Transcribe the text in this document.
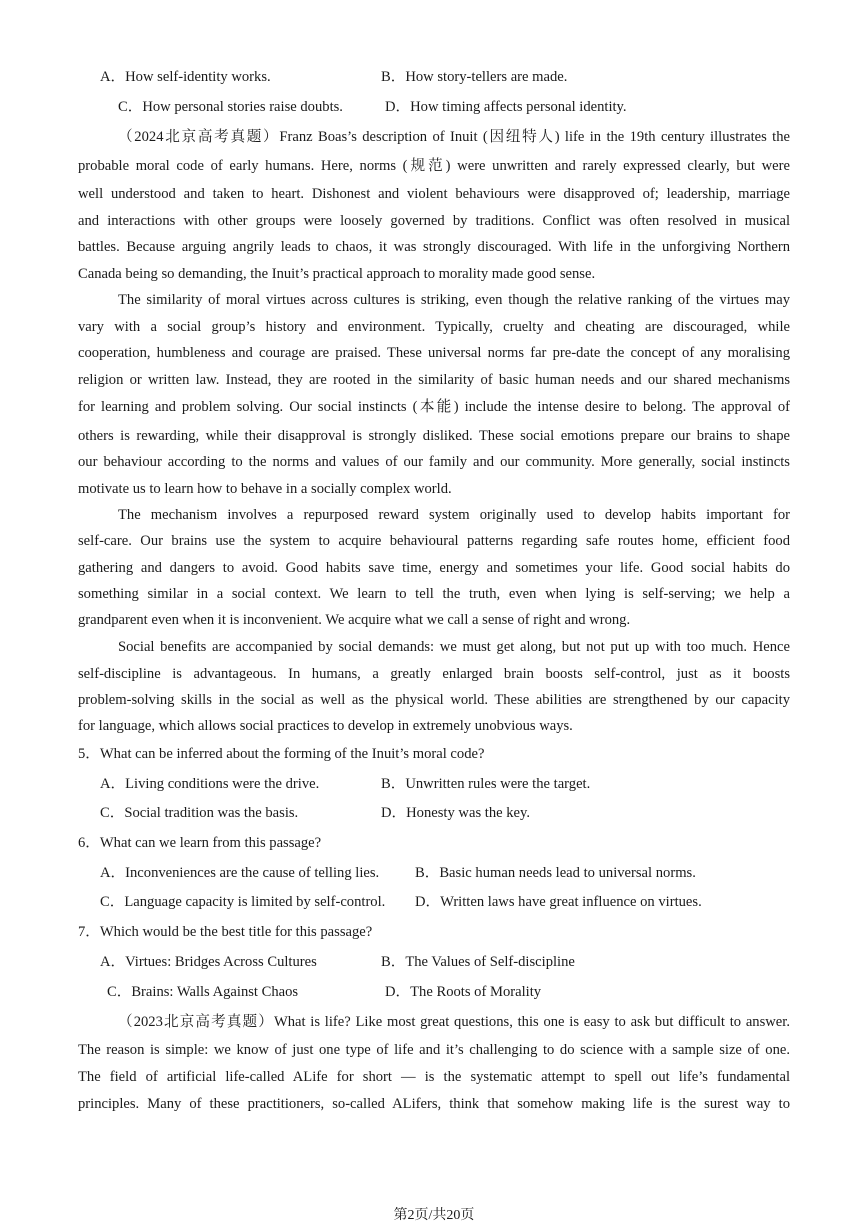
A．How self-identity works.	B．How story-tellers are made.
C．How personal stories raise doubts.	D．How timing affects personal identity.
（2024北京高考真题）Franz Boas’s description of Inuit (因纽特人) life in the 19th century illustrates the
probable moral code of early humans. Here, norms (规范) were unwritten and rarely expressed clearly, but were
well understood and taken to heart. Dishonest and violent behaviours were disapproved of; leadership, marriage
and interactions with other groups were loosely governed by traditions. Conflict was often resolved in musical
battles. Because arguing angrily leads to chaos, it was strongly discouraged. With life in the unforgiving Northern
Canada being so demanding, the Inuit’s practical approach to morality made good sense.
The similarity of moral virtues across cultures is striking, even though the relative ranking of the virtues may
vary with a social group’s history and environment. Typically, cruelty and cheating are discouraged, while
cooperation, humbleness and courage are praised. These universal norms far pre-date the concept of any moralising
religion or written law. Instead, they are rooted in the similarity of basic human needs and our shared mechanisms
for learning and problem solving. Our social instincts (本能) include the intense desire to belong. The approval of
others is rewarding, while their disapproval is strongly disliked. These social emotions prepare our brains to shape
our behaviour according to the norms and values of our family and our community. More generally, social instincts
motivate us to learn how to behave in a socially complex world.
The mechanism involves a repurposed reward system originally used to develop habits important for
self-care. Our brains use the system to acquire behavioural patterns regarding safe routes home, efficient food
gathering and dangers to avoid. Good habits save time, energy and sometimes your life. Good social habits do
something similar in a social context. We learn to tell the truth, even when lying is self-serving; we help a
grandparent even when it is inconvenient. We acquire what we call a sense of right and wrong.
Social benefits are accompanied by social demands: we must get along, but not put up with too much. Hence
self-discipline is advantageous. In humans, a greatly enlarged brain boosts self-control, just as it boosts
problem-solving skills in the social as well as the physical world. These abilities are strengthened by our capacity
for language, which allows social practices to develop in extremely unobvious ways.
5．What can be inferred about the forming of the Inuit’s moral code?
A．Living conditions were the drive.	B．Unwritten rules were the target.
C．Social tradition was the basis.	D．Honesty was the key.
6．What can we learn from this passage?
A．Inconveniences are the cause of telling lies. B．Basic human needs lead to universal norms.
C．Language capacity is limited by self-control. D．Written laws have great influence on virtues.
7．Which would be the best title for this passage?
A．Virtues: Bridges Across Cultures	B．The Values of Self-discipline
C．Brains: Walls Against Chaos	D．The Roots of Morality
（2023北京高考真题）What is life? Like most great questions, this one is easy to ask but difficult to answer.
The reason is simple: we know of just one type of life and it’s challenging to do science with a sample size of one.
The field of artificial life-called ALife for short — is the systematic attempt to spell out life’s fundamental
principles. Many of these practitioners, so-called ALifers, think that somehow making life is the surest way to
第2页/共20页
